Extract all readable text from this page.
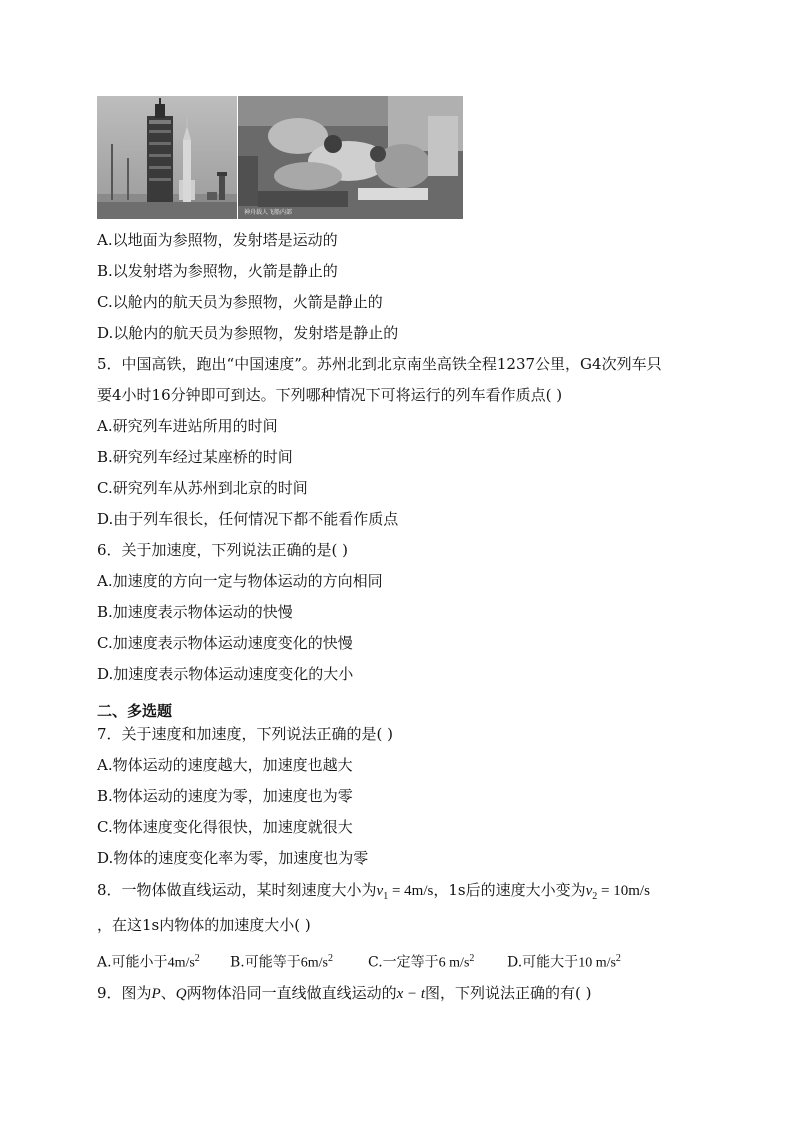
神舟载人飞船内部
A.以地面为参照物，发射塔是运动的
B.以发射塔为参照物，火箭是静止的
C.以舱内的航天员为参照物，火箭是静止的
D.以舱内的航天员为参照物，发射塔是静止的
5．中国高铁，跑出“中国速度”。苏州北到北京南坐高铁全程1237公里，G4次列车只
要4小时16分钟即可到达。下列哪种情况下可将运行的列车看作质点( )
A.研究列车进站所用的时间
B.研究列车经过某座桥的时间
C.研究列车从苏州到北京的时间
D.由于列车很长，任何情况下都不能看作质点
6．关于加速度，下列说法正确的是( )
A.加速度的方向一定与物体运动的方向相同
B.加速度表示物体运动的快慢
C.加速度表示物体运动速度变化的快慢
D.加速度表示物体运动速度变化的大小
二、多选题
7．关于速度和加速度，下列说法正确的是( )
A.物体运动的速度越大，加速度也越大
B.物体运动的速度为零，加速度也为零
C.物体速度变化得很快，加速度就很大
D.物体的速度变化率为零，加速度也为零
8．一物体做直线运动，某时刻速度大小为$v_1 = 4m/s$，1s后的速度大小变为$v_2 = 10m/s$
，在这1s内物体的加速度大小( )
A.可能小于$4m/s^2$ B.可能等于$6m/s^2$	C.一定等于6 $m/s^2$ D.可能大于10 $m/s^2$
9．图为P、Q两物体沿同一直线做直线运动的x − t图，下列说法正确的有( )
